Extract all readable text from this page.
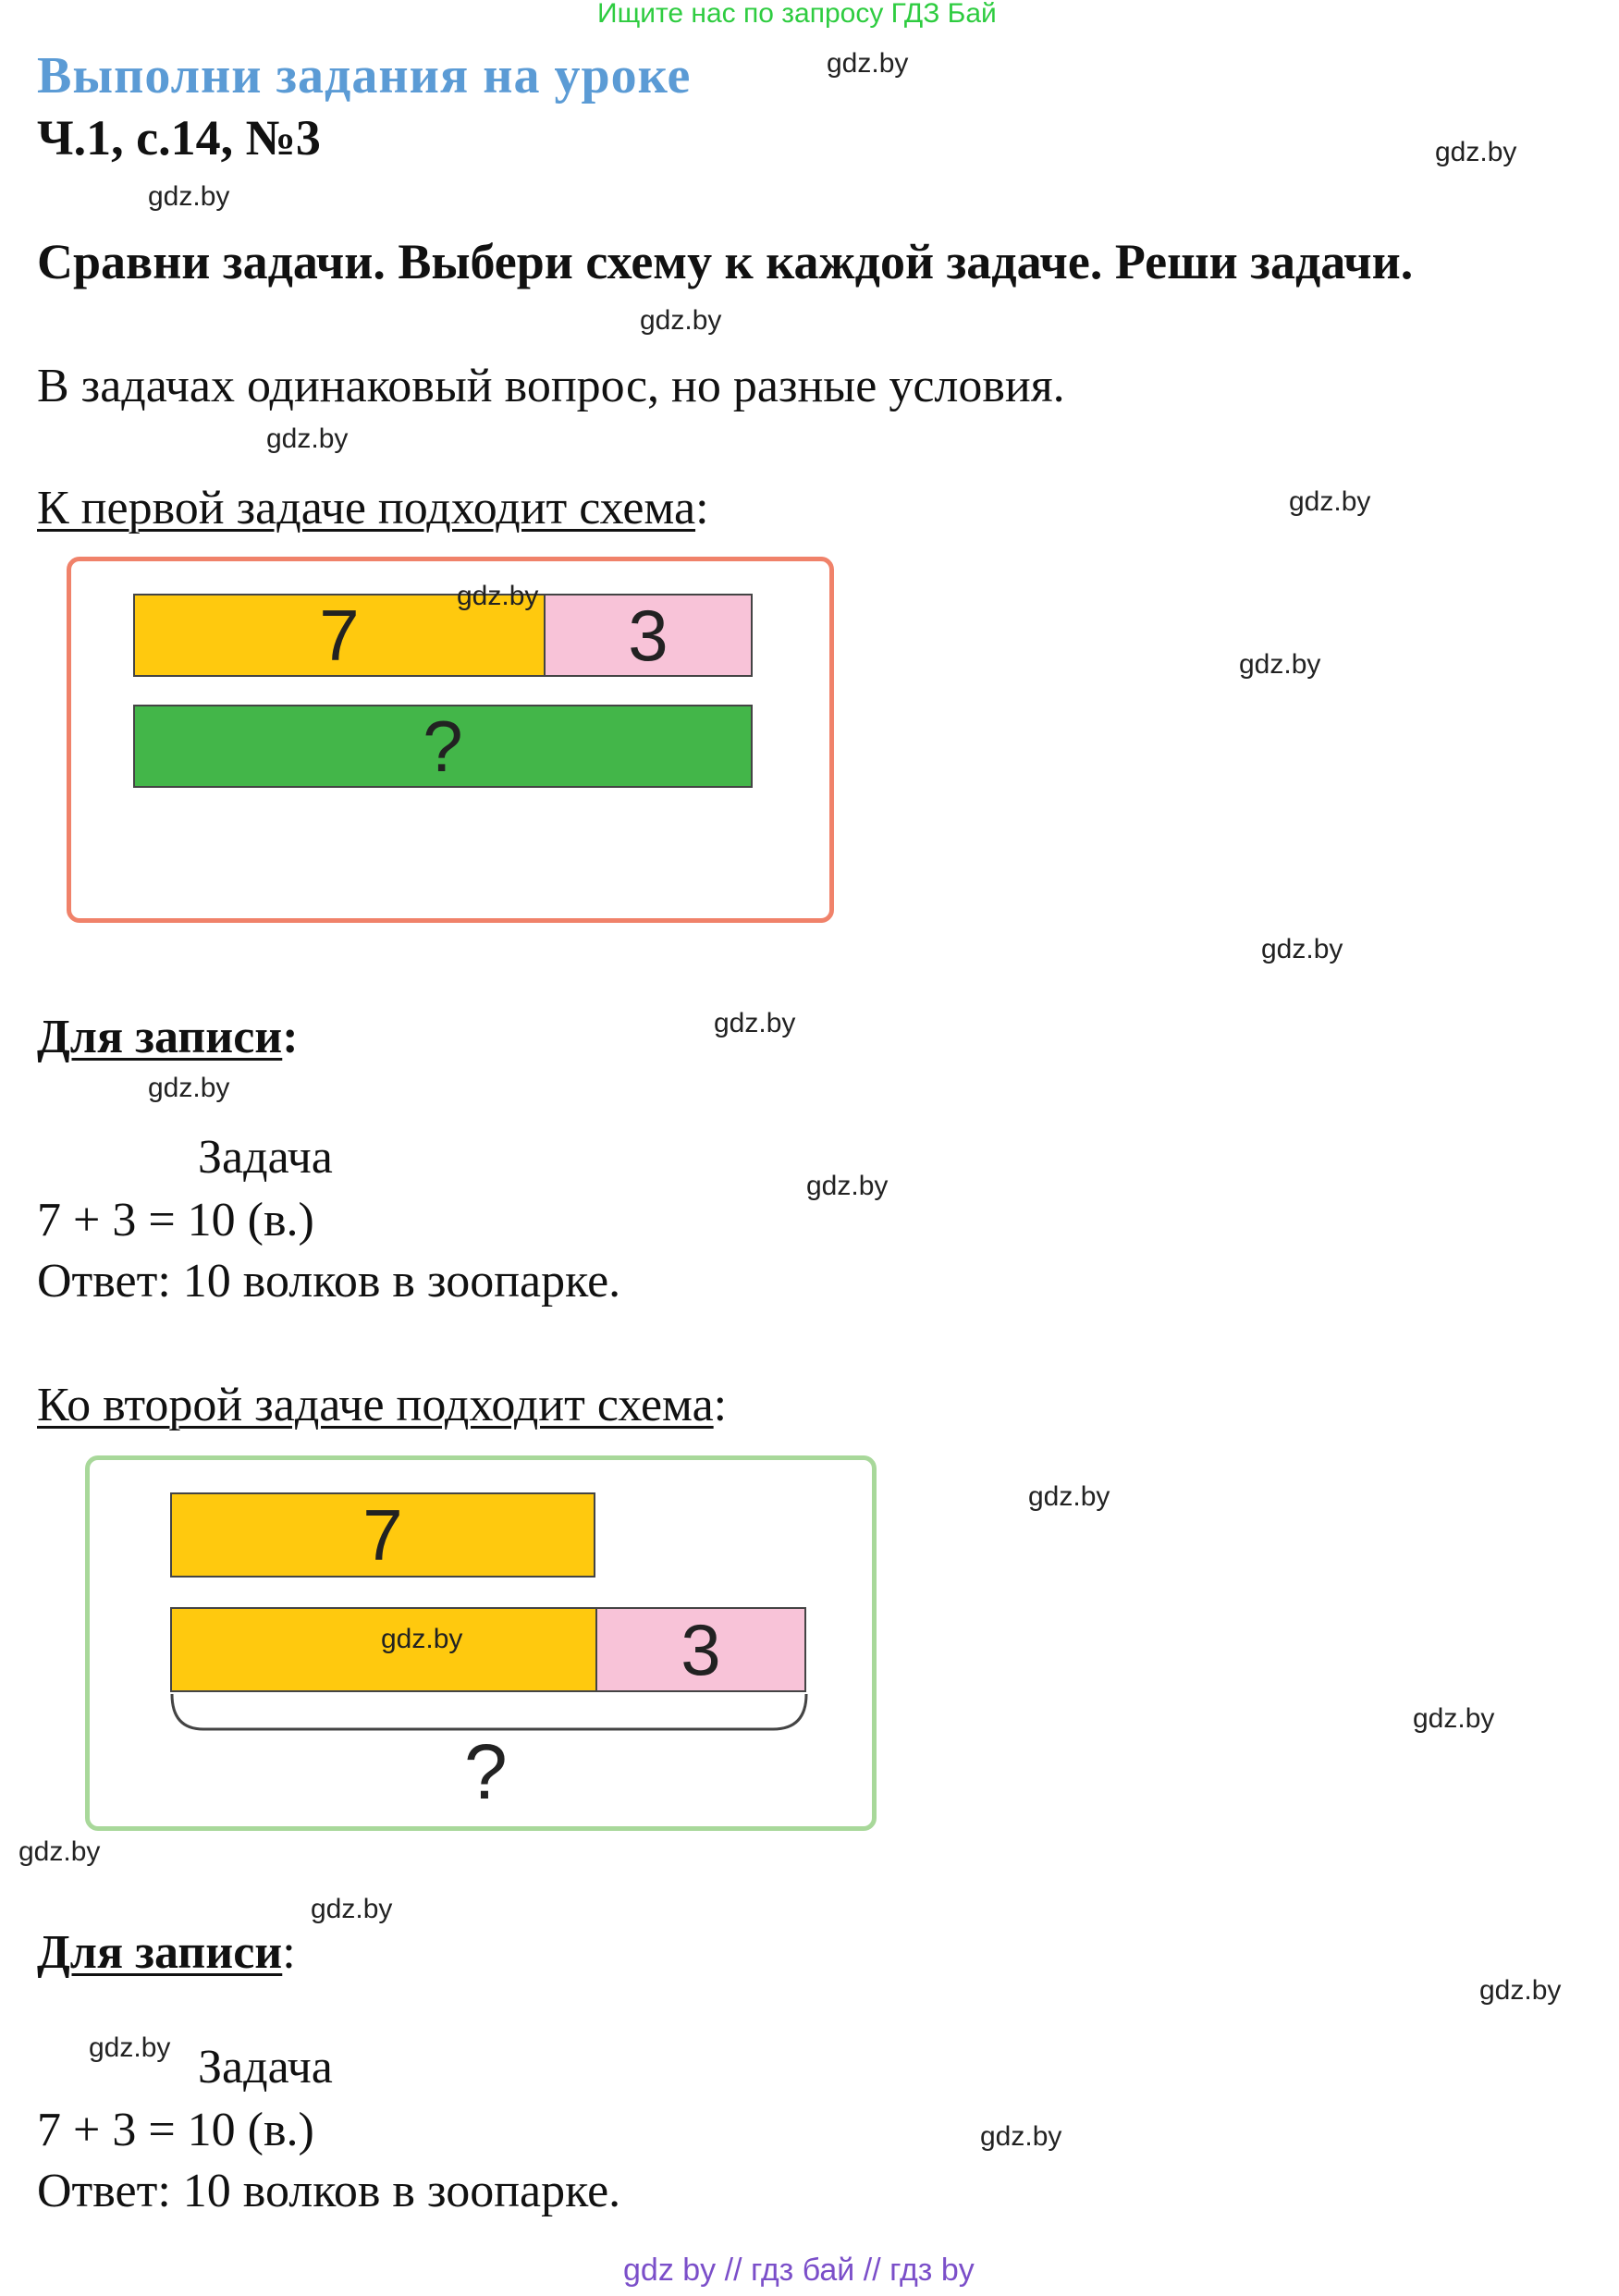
Ищите нас по запросу ГДЗ Бай
Выполни задания на уроке
Ч.1, с.14, №3
Сравни задачи. Выбери схему к каждой задаче. Реши задачи.
В задачах одинаковый вопрос, но разные условия.
К первой задаче подходит схема:
7	3
?
Для записи:
Задача
7 + 3 = 10 (в.)
Ответ: 10 волков в зоопарке.
Ко второй задаче подходит схема:
7
3
?
Для записи:
Задача
7 + 3 = 10 (в.)
Ответ: 10 волков в зоопарке.
gdz.by
gdz.by
gdz.by
gdz.by
gdz.by
gdz.by
gdz.by
gdz.by
gdz.by
gdz.by
gdz.by
gdz.by
gdz.by
gdz.by
gdz.by
gdz.by
gdz.by
gdz.by
gdz.by
gdz.by
gdz by // гдз бай // гдз by
